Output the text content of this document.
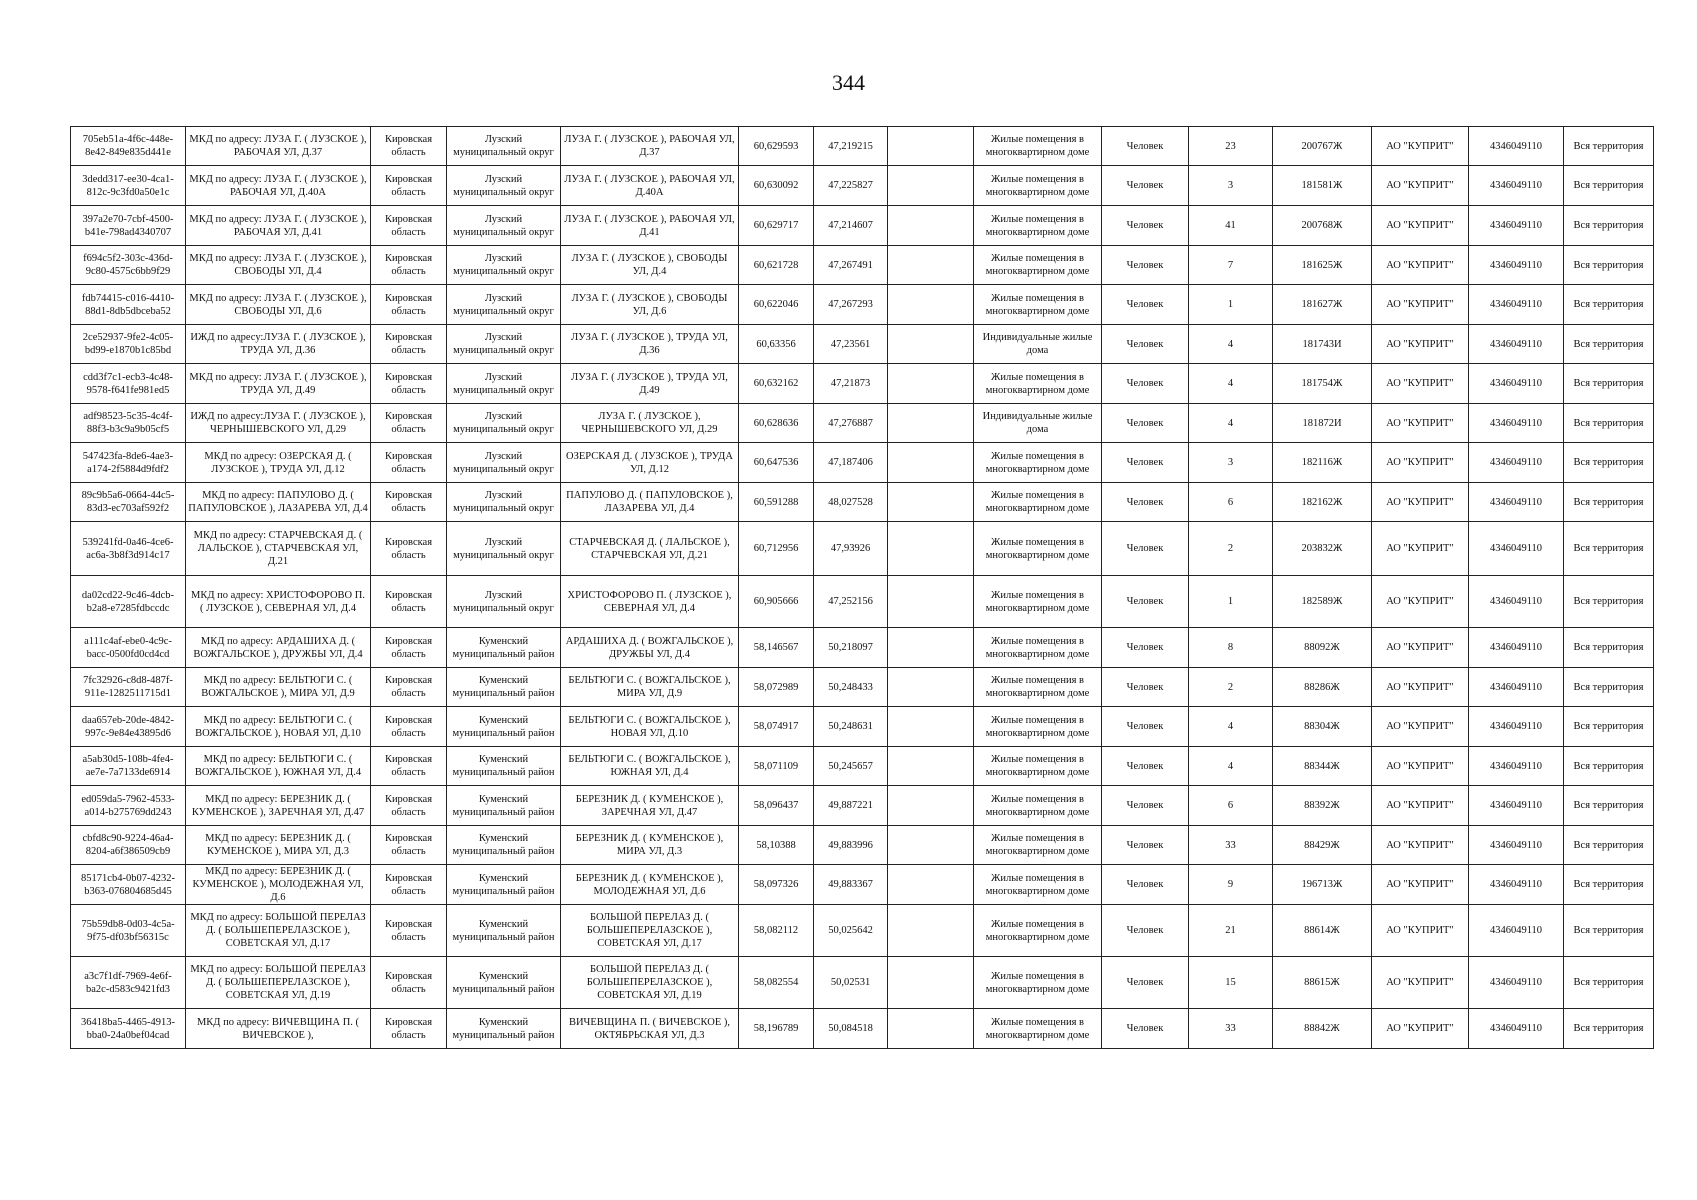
344
705eb51a-4f6c-448e-8e42-849e835d441e	МКД по адресу: ЛУЗА Г. ( ЛУЗСКОЕ ), РАБОЧАЯ УЛ, Д.37	Кировская область	Лузский муниципальный округ	ЛУЗА Г. ( ЛУЗСКОЕ ), РАБОЧАЯ УЛ, Д.37	60,629593	47,219215		Жилые помещения в многоквартирном доме	Человек	23	200767Ж	АО "КУПРИТ"	4346049110	Вся территория
3dedd317-ee30-4ca1-812c-9c3fd0a50e1c	МКД по адресу: ЛУЗА Г. ( ЛУЗСКОЕ ), РАБОЧАЯ УЛ, Д.40А	Кировская область	Лузский муниципальный округ	ЛУЗА Г. ( ЛУЗСКОЕ ), РАБОЧАЯ УЛ, Д.40А	60,630092	47,225827		Жилые помещения в многоквартирном доме	Человек	3	181581Ж	АО "КУПРИТ"	4346049110	Вся территория
397a2e70-7cbf-4500-b41e-798ad4340707	МКД по адресу: ЛУЗА Г. ( ЛУЗСКОЕ ), РАБОЧАЯ УЛ, Д.41	Кировская область	Лузский муниципальный округ	ЛУЗА Г. ( ЛУЗСКОЕ ), РАБОЧАЯ УЛ, Д.41	60,629717	47,214607		Жилые помещения в многоквартирном доме	Человек	41	200768Ж	АО "КУПРИТ"	4346049110	Вся территория
f694c5f2-303c-436d-9c80-4575c6bb9f29	МКД по адресу: ЛУЗА Г. ( ЛУЗСКОЕ ), СВОБОДЫ УЛ, Д.4	Кировская область	Лузский муниципальный округ	ЛУЗА Г. ( ЛУЗСКОЕ ), СВОБОДЫ УЛ, Д.4	60,621728	47,267491		Жилые помещения в многоквартирном доме	Человек	7	181625Ж	АО "КУПРИТ"	4346049110	Вся территория
fdb74415-c016-4410-88d1-8db5dbceba52	МКД по адресу: ЛУЗА Г. ( ЛУЗСКОЕ ), СВОБОДЫ УЛ, Д.6	Кировская область	Лузский муниципальный округ	ЛУЗА Г. ( ЛУЗСКОЕ ), СВОБОДЫ УЛ, Д.6	60,622046	47,267293		Жилые помещения в многоквартирном доме	Человек	1	181627Ж	АО "КУПРИТ"	4346049110	Вся территория
2ce52937-9fe2-4c05-bd99-e1870b1c85bd	ИЖД по адресу:ЛУЗА Г. ( ЛУЗСКОЕ ), ТРУДА УЛ, Д.36	Кировская область	Лузский муниципальный округ	ЛУЗА Г. ( ЛУЗСКОЕ ), ТРУДА УЛ, Д.36	60,63356	47,23561		Индивидуальные жилые дома	Человек	4	181743И	АО "КУПРИТ"	4346049110	Вся территория
cdd3f7c1-ecb3-4c48-9578-f641fe981ed5	МКД по адресу: ЛУЗА Г. ( ЛУЗСКОЕ ), ТРУДА УЛ, Д.49	Кировская область	Лузский муниципальный округ	ЛУЗА Г. ( ЛУЗСКОЕ ), ТРУДА УЛ, Д.49	60,632162	47,21873		Жилые помещения в многоквартирном доме	Человек	4	181754Ж	АО "КУПРИТ"	4346049110	Вся территория
adf98523-5c35-4c4f-88f3-b3c9a9b05cf5	ИЖД по адресу:ЛУЗА Г. ( ЛУЗСКОЕ ), ЧЕРНЫШЕВСКОГО УЛ, Д.29	Кировская область	Лузский муниципальный округ	ЛУЗА Г. ( ЛУЗСКОЕ ), ЧЕРНЫШЕВСКОГО УЛ, Д.29	60,628636	47,276887		Индивидуальные жилые дома	Человек	4	181872И	АО "КУПРИТ"	4346049110	Вся территория
547423fa-8de6-4ae3-a174-2f5884d9fdf2	МКД по адресу: ОЗЕРСКАЯ Д. ( ЛУЗСКОЕ ), ТРУДА УЛ, Д.12	Кировская область	Лузский муниципальный округ	ОЗЕРСКАЯ Д. ( ЛУЗСКОЕ ), ТРУДА УЛ, Д.12	60,647536	47,187406		Жилые помещения в многоквартирном доме	Человек	3	182116Ж	АО "КУПРИТ"	4346049110	Вся территория
89c9b5a6-0664-44c5-83d3-ec703af592f2	МКД по адресу: ПАПУЛОВО Д. ( ПАПУЛОВСКОЕ ), ЛАЗАРЕВА УЛ, Д.4	Кировская область	Лузский муниципальный округ	ПАПУЛОВО Д. ( ПАПУЛОВСКОЕ ), ЛАЗАРЕВА УЛ, Д.4	60,591288	48,027528		Жилые помещения в многоквартирном доме	Человек	6	182162Ж	АО "КУПРИТ"	4346049110	Вся территория
539241fd-0a46-4ce6-ac6a-3b8f3d914c17	МКД по адресу: СТАРЧЕВСКАЯ Д. ( ЛАЛЬСКОЕ ), СТАРЧЕВСКАЯ УЛ, Д.21	Кировская область	Лузский муниципальный округ	СТАРЧЕВСКАЯ Д. ( ЛАЛЬСКОЕ ), СТАРЧЕВСКАЯ УЛ, Д.21	60,712956	47,93926		Жилые помещения в многоквартирном доме	Человек	2	203832Ж	АО "КУПРИТ"	4346049110	Вся территория
da02cd22-9c46-4dcb-b2a8-e7285fdbccdc	МКД по адресу: ХРИСТОФОРОВО П. ( ЛУЗСКОЕ ), СЕВЕРНАЯ УЛ, Д.4	Кировская область	Лузский муниципальный округ	ХРИСТОФОРОВО П. ( ЛУЗСКОЕ ), СЕВЕРНАЯ УЛ, Д.4	60,905666	47,252156		Жилые помещения в многоквартирном доме	Человек	1	182589Ж	АО "КУПРИТ"	4346049110	Вся территория
a111c4af-ebe0-4c9c-bacc-0500fd0cd4cd	МКД по адресу: АРДАШИХА Д. ( ВОЖГАЛЬСКОЕ ), ДРУЖБЫ УЛ, Д.4	Кировская область	Куменский муниципальный район	АРДАШИХА Д. ( ВОЖГАЛЬСКОЕ ), ДРУЖБЫ УЛ, Д.4	58,146567	50,218097		Жилые помещения в многоквартирном доме	Человек	8	88092Ж	АО "КУПРИТ"	4346049110	Вся территория
7fc32926-c8d8-487f-911e-1282511715d1	МКД по адресу: БЕЛЬТЮГИ С. ( ВОЖГАЛЬСКОЕ ), МИРА УЛ, Д.9	Кировская область	Куменский муниципальный район	БЕЛЬТЮГИ С. ( ВОЖГАЛЬСКОЕ ), МИРА УЛ, Д.9	58,072989	50,248433		Жилые помещения в многоквартирном доме	Человек	2	88286Ж	АО "КУПРИТ"	4346049110	Вся территория
daa657eb-20de-4842-997c-9e84e43895d6	МКД по адресу: БЕЛЬТЮГИ С. ( ВОЖГАЛЬСКОЕ ), НОВАЯ УЛ, Д.10	Кировская область	Куменский муниципальный район	БЕЛЬТЮГИ С. ( ВОЖГАЛЬСКОЕ ), НОВАЯ УЛ, Д.10	58,074917	50,248631		Жилые помещения в многоквартирном доме	Человек	4	88304Ж	АО "КУПРИТ"	4346049110	Вся территория
a5ab30d5-108b-4fe4-ae7e-7a7133de6914	МКД по адресу: БЕЛЬТЮГИ С. ( ВОЖГАЛЬСКОЕ ), ЮЖНАЯ УЛ, Д.4	Кировская область	Куменский муниципальный район	БЕЛЬТЮГИ С. ( ВОЖГАЛЬСКОЕ ), ЮЖНАЯ УЛ, Д.4	58,071109	50,245657		Жилые помещения в многоквартирном доме	Человек	4	88344Ж	АО "КУПРИТ"	4346049110	Вся территория
ed059da5-7962-4533-a014-b275769dd243	МКД по адресу: БЕРЕЗНИК Д. ( КУМЕНСКОЕ ), ЗАРЕЧНАЯ УЛ, Д.47	Кировская область	Куменский муниципальный район	БЕРЕЗНИК Д. ( КУМЕНСКОЕ ), ЗАРЕЧНАЯ УЛ, Д.47	58,096437	49,887221		Жилые помещения в многоквартирном доме	Человек	6	88392Ж	АО "КУПРИТ"	4346049110	Вся территория
cbfd8c90-9224-46a4-8204-a6f386509cb9	МКД по адресу: БЕРЕЗНИК Д. ( КУМЕНСКОЕ ), МИРА УЛ, Д.3	Кировская область	Куменский муниципальный район	БЕРЕЗНИК Д. ( КУМЕНСКОЕ ), МИРА УЛ, Д.3	58,10388	49,883996		Жилые помещения в многоквартирном доме	Человек	33	88429Ж	АО "КУПРИТ"	4346049110	Вся территория
85171cb4-0b07-4232-b363-076804685d45	МКД по адресу: БЕРЕЗНИК Д. ( КУМЕНСКОЕ ), МОЛОДЕЖНАЯ УЛ, Д.6	Кировская область	Куменский муниципальный район	БЕРЕЗНИК Д. ( КУМЕНСКОЕ ), МОЛОДЕЖНАЯ УЛ, Д.6	58,097326	49,883367		Жилые помещения в многоквартирном доме	Человек	9	196713Ж	АО "КУПРИТ"	4346049110	Вся территория
75b59db8-0d03-4c5a-9f75-df03bf56315c	МКД по адресу: БОЛЬШОЙ ПЕРЕЛАЗ Д. ( БОЛЬШЕПЕРЕЛАЗСКОЕ ), СОВЕТСКАЯ УЛ, Д.17	Кировская область	Куменский муниципальный район	БОЛЬШОЙ ПЕРЕЛАЗ Д. ( БОЛЬШЕПЕРЕЛАЗСКОЕ ), СОВЕТСКАЯ УЛ, Д.17	58,082112	50,025642		Жилые помещения в многоквартирном доме	Человек	21	88614Ж	АО "КУПРИТ"	4346049110	Вся территория
a3c7f1df-7969-4e6f-ba2c-d583c9421fd3	МКД по адресу: БОЛЬШОЙ ПЕРЕЛАЗ Д. ( БОЛЬШЕПЕРЕЛАЗСКОЕ ), СОВЕТСКАЯ УЛ, Д.19	Кировская область	Куменский муниципальный район	БОЛЬШОЙ ПЕРЕЛАЗ Д. ( БОЛЬШЕПЕРЕЛАЗСКОЕ ), СОВЕТСКАЯ УЛ, Д.19	58,082554	50,02531		Жилые помещения в многоквартирном доме	Человек	15	88615Ж	АО "КУПРИТ"	4346049110	Вся территория
36418ba5-4465-4913-bba0-24a0bef04cad	МКД по адресу: ВИЧЕВЩИНА П. ( ВИЧЕВСКОЕ ),	Кировская область	Куменский муниципальный район	ВИЧЕВЩИНА П. ( ВИЧЕВСКОЕ ), ОКТЯБРЬСКАЯ УЛ, Д.3	58,196789	50,084518		Жилые помещения в многоквартирном доме	Человек	33	88842Ж	АО "КУПРИТ"	4346049110	Вся территория
